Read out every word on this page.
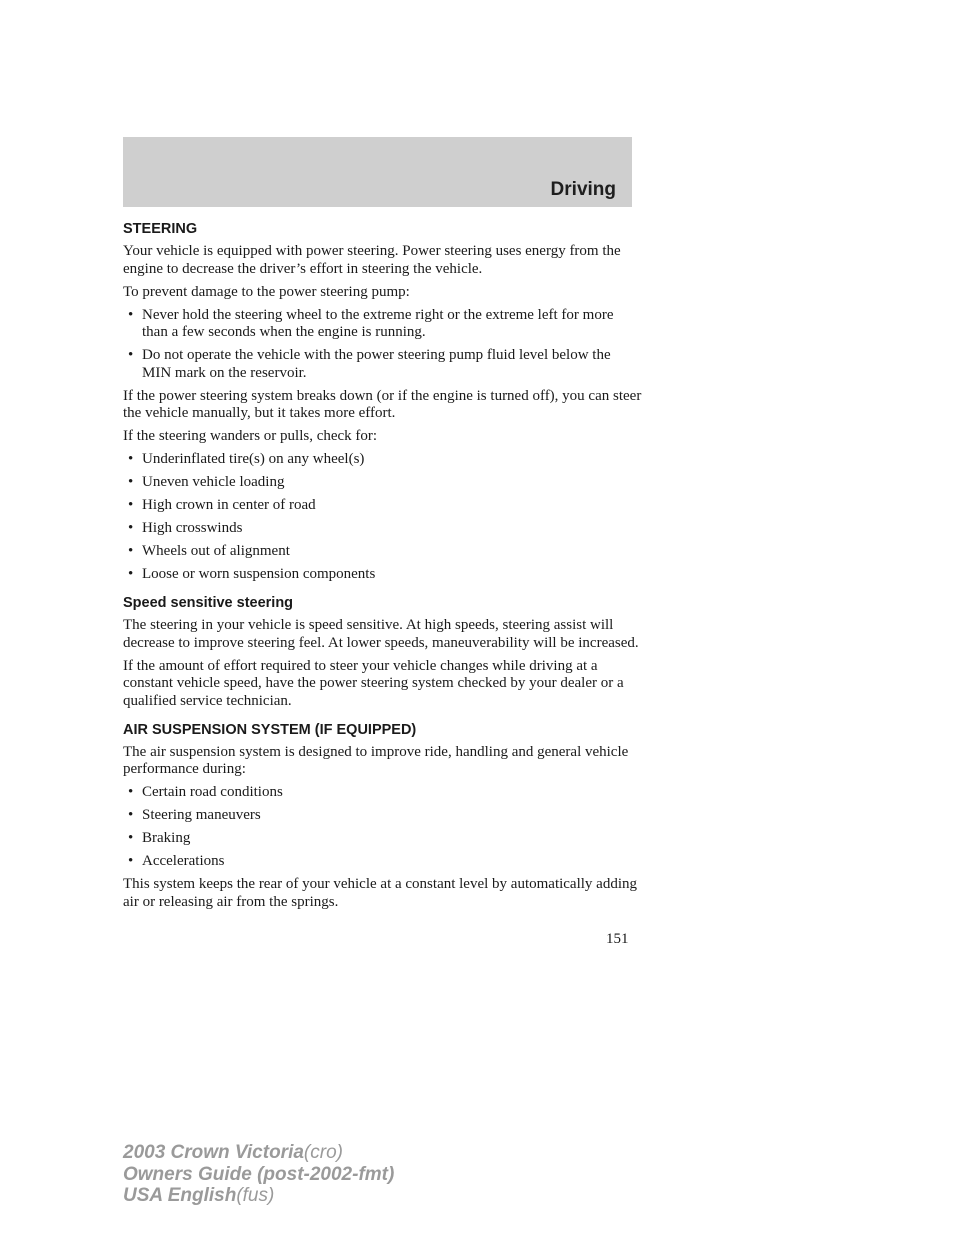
Driving
STEERING

Your vehicle is equipped with power steering. Power steering uses energy from the engine to decrease the driver’s effort in steering the vehicle.

To prevent damage to the power steering pump:

• Never hold the steering wheel to the extreme right or the extreme left for more than a few seconds when the engine is running.
• Do not operate the vehicle with the power steering pump fluid level below the MIN mark on the reservoir.

If the power steering system breaks down (or if the engine is turned off), you can steer the vehicle manually, but it takes more effort.

If the steering wanders or pulls, check for:

• Underinflated tire(s) on any wheel(s)
• Uneven vehicle loading
• High crown in center of road
• High crosswinds
• Wheels out of alignment
• Loose or worn suspension components
Speed sensitive steering

The steering in your vehicle is speed sensitive. At high speeds, steering assist will decrease to improve steering feel. At lower speeds, maneuverability will be increased.

If the amount of effort required to steer your vehicle changes while driving at a constant vehicle speed, have the power steering system checked by your dealer or a qualified service technician.

AIR SUSPENSION SYSTEM (IF EQUIPPED)

The air suspension system is designed to improve ride, handling and general vehicle performance during:

• Certain road conditions
• Steering maneuvers
• Braking
• Accelerations

This system keeps the rear of your vehicle at a constant level by automatically adding air or releasing air from the springs.

151
2003 Crown Victoria(cro)
Owners Guide (post-2002-fmt)
USA English(fus)
